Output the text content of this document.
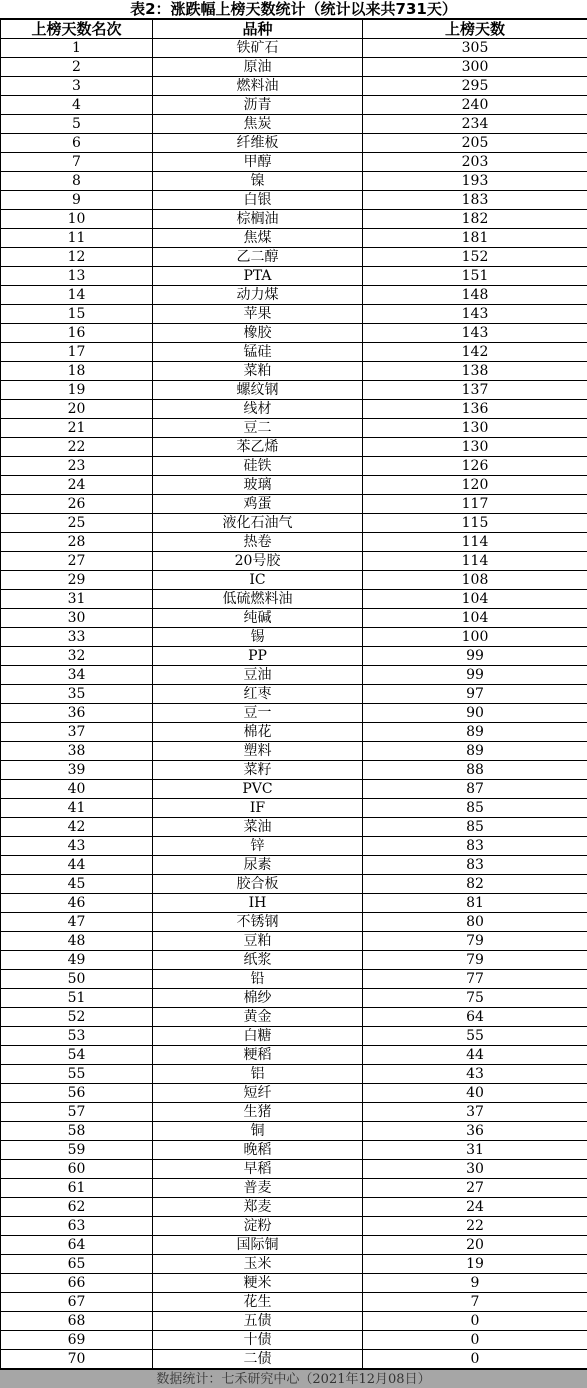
表2：涨跌幅上榜天数统计（统计以来共731天）
上榜天数名次	品种	上榜天数
1	铁矿石	305
2	原油	300
3	燃料油	295
4	沥青	240
5	焦炭	234
6	纤维板	205
7	甲醇	203
8	镍	193
9	白银	183
10	棕榈油	182
11	焦煤	181
12	乙二醇	152
13	PTA	151
14	动力煤	148
15	苹果	143
16	橡胶	143
17	锰硅	142
18	菜粕	138
19	螺纹钢	137
20	线材	136
21	豆二	130
22	苯乙烯	130
23	硅铁	126
24	玻璃	120
26	鸡蛋	117
25	液化石油气	115
28	热卷	114
27	20号胶	114
29	IC	108
31	低硫燃料油	104
30	纯碱	104
33	锡	100
32	PP	99
34	豆油	99
35	红枣	97
36	豆一	90
37	棉花	89
38	塑料	89
39	菜籽	88
40	PVC	87
41	IF	85
42	菜油	85
43	锌	83
44	尿素	83
45	胶合板	82
46	IH	81
47	不锈钢	80
48	豆粕	79
49	纸浆	79
50	铅	77
51	棉纱	75
52	黄金	64
53	白糖	55
54	粳稻	44
55	铝	43
56	短纤	40
57	生猪	37
58	铜	36
59	晚稻	31
60	早稻	30
61	普麦	27
62	郑麦	24
63	淀粉	22
64	国际铜	20
65	玉米	19
66	粳米	9
67	花生	7
68	五债	0
69	十债	0
70	二债	0
数据统计：七禾研究中心（2021年12月08日）
